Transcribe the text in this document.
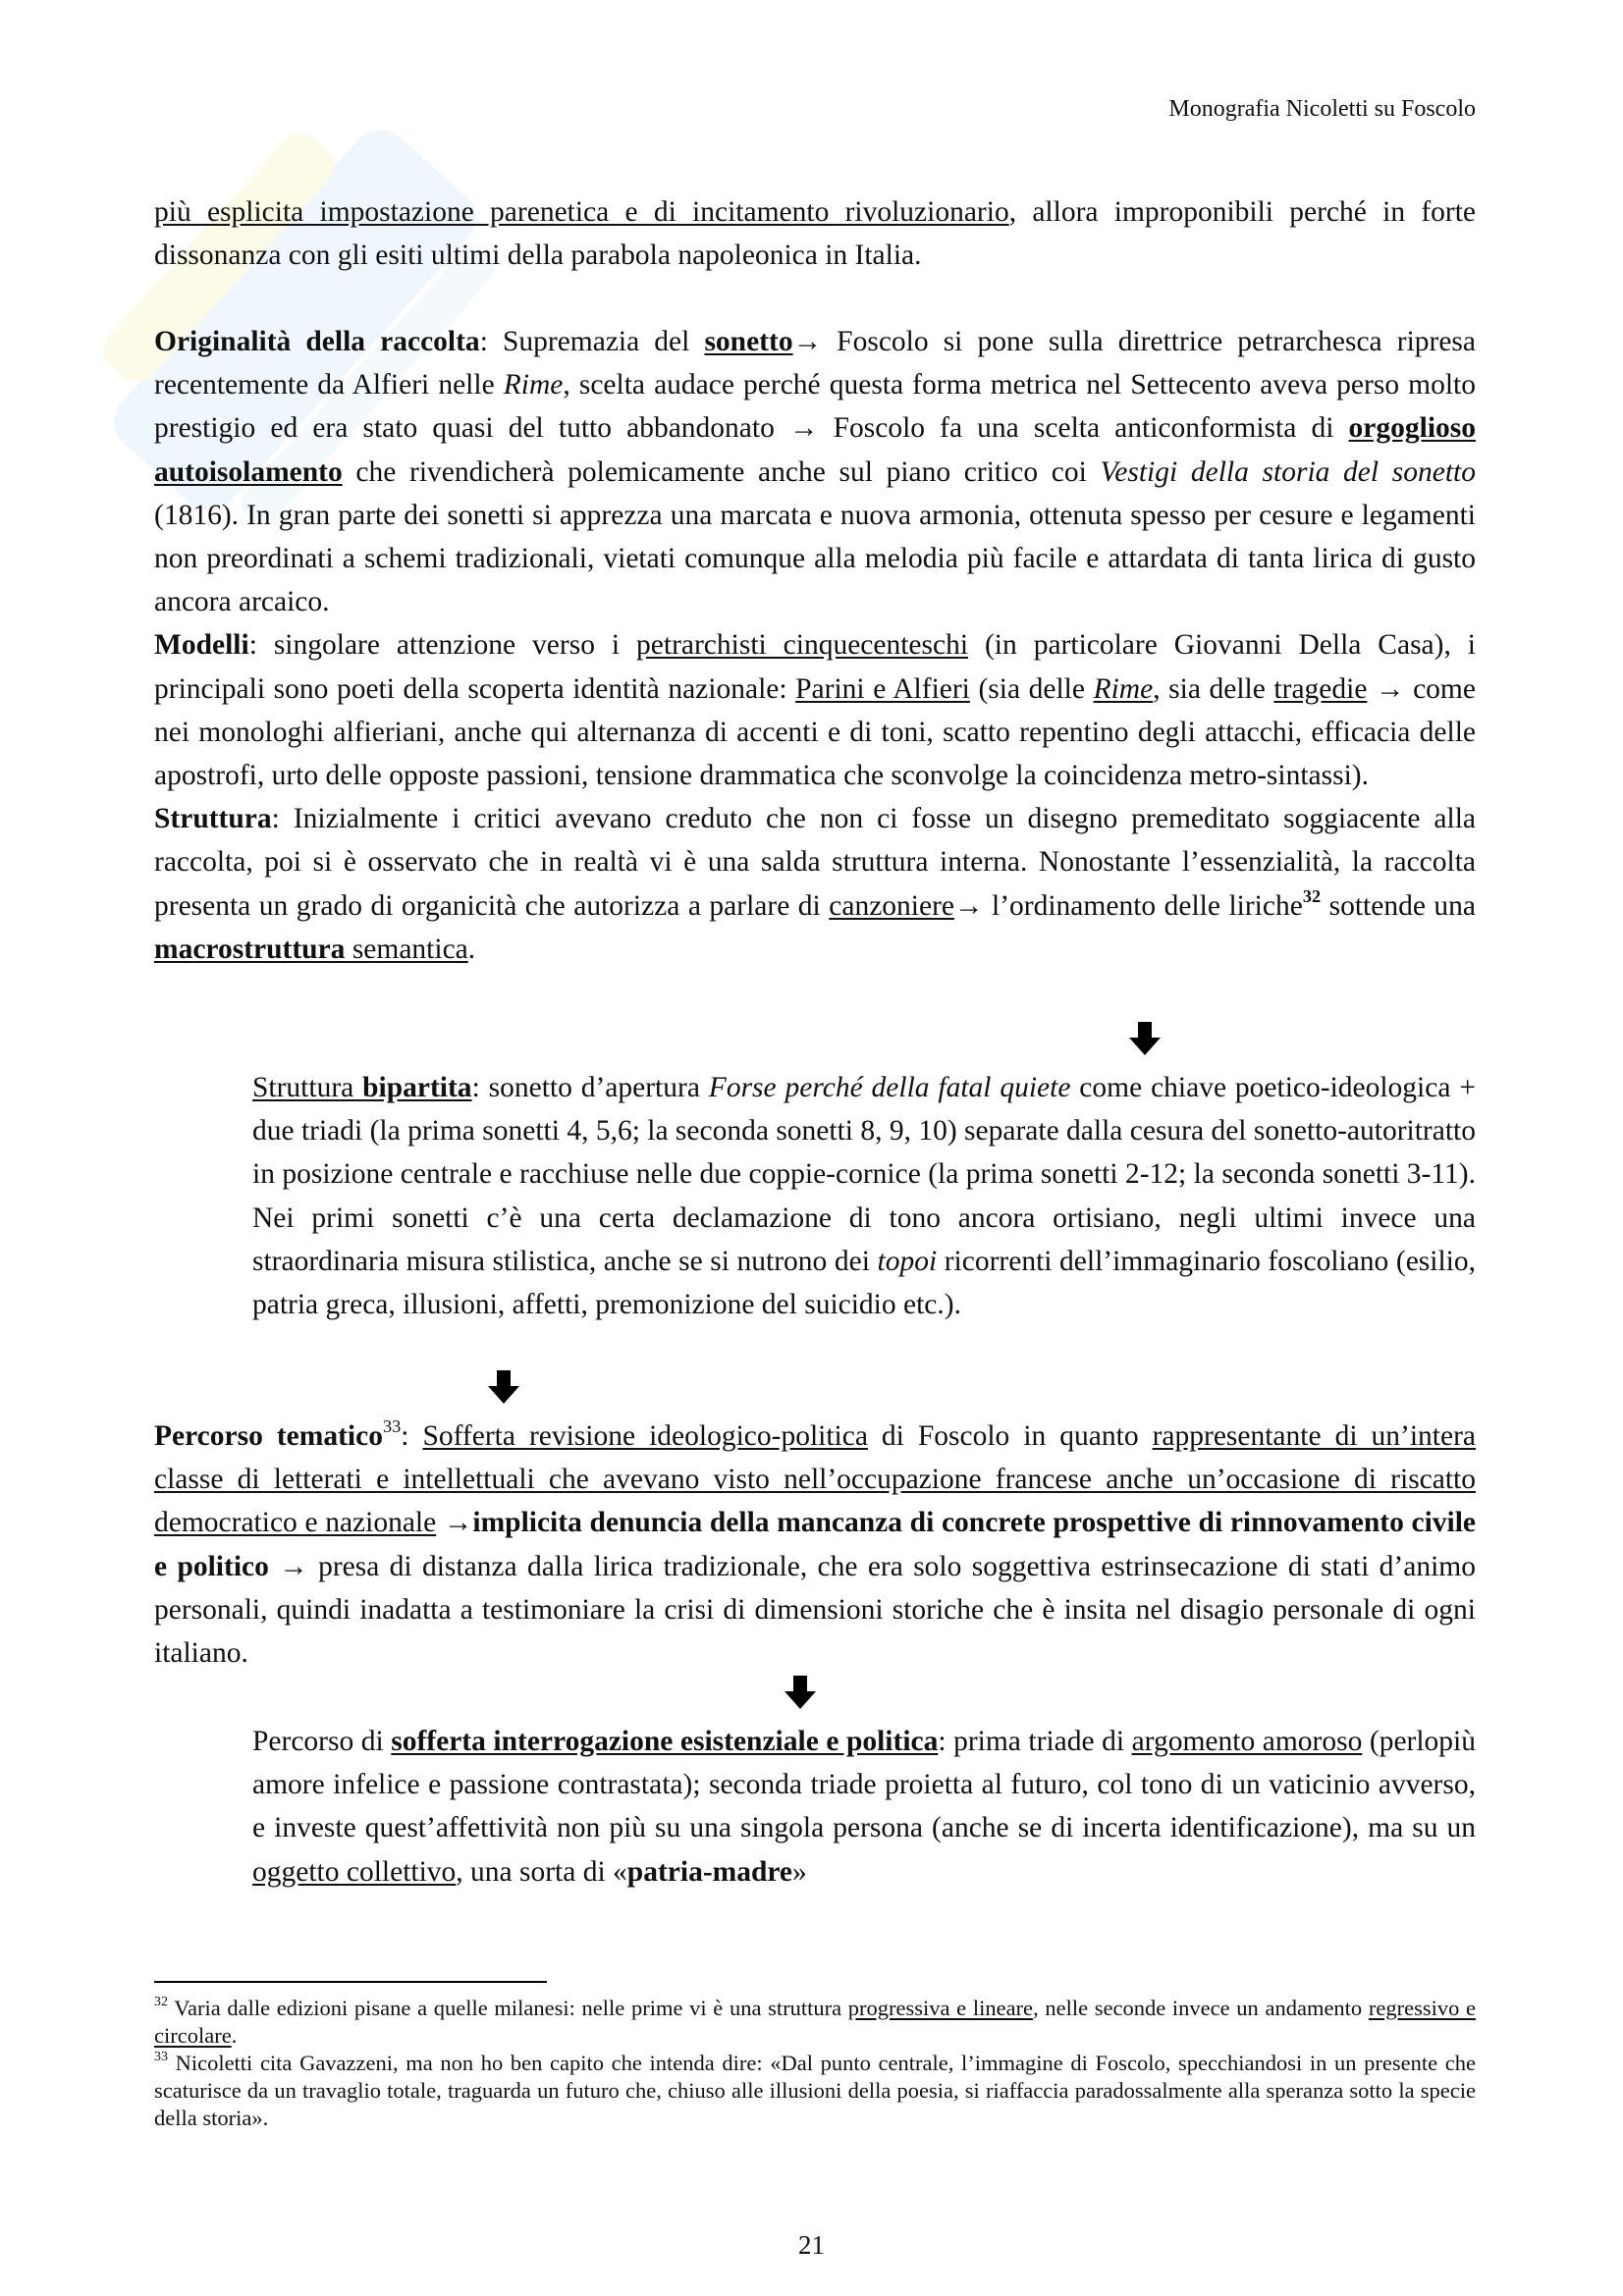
Monografia Nicoletti su Foscolo

più esplicita impostazione parenetica e di incitamento rivoluzionario, allora improponibili perché in forte dissonanza con gli esiti ultimi della parabola napoleonica in Italia.

Originalità della raccolta: Supremazia del sonetto→ Foscolo si pone sulla direttrice petrarchesca ripresa recentemente da Alfieri nelle Rime, scelta audace perché questa forma metrica nel Settecento aveva perso molto prestigio ed era stato quasi del tutto abbandonato → Foscolo fa una scelta anticonformista di orgoglioso autoisolamento che rivendicherà polemicamente anche sul piano critico coi Vestigi della storia del sonetto (1816). In gran parte dei sonetti si apprezza una marcata e nuova armonia, ottenuta spesso per cesure e legamenti non preordinati a schemi tradizionali, vietati comunque alla melodia più facile e attardata di tanta lirica di gusto ancora arcaico.

Modelli: singolare attenzione verso i petrarchisti cinquecenteschi (in particolare Giovanni Della Casa), i principali sono poeti della scoperta identità nazionale: Parini e Alfieri (sia delle Rime, sia delle tragedie → come nei monologhi alfieriani, anche qui alternanza di accenti e di toni, scatto repentino degli attacchi, efficacia delle apostrofi, urto delle opposte passioni, tensione drammatica che sconvolge la coincidenza metro-sintassi).

Struttura: Inizialmente i critici avevano creduto che non ci fosse un disegno premeditato soggiacente alla raccolta, poi si è osservato che in realtà vi è una salda struttura interna. Nonostante l’essenzialità, la raccolta presenta un grado di organicità che autorizza a parlare di canzoniere→ l’ordinamento delle liriche$^{32}$ sottende una macrostruttura semantica.

Struttura bipartita: sonetto d’apertura Forse perché della fatal quiete come chiave poetico-ideologica + due triadi (la prima sonetti 4, 5,6; la seconda sonetti 8, 9, 10) separate dalla cesura del sonetto-autoritratto in posizione centrale e racchiuse nelle due coppie-cornice (la prima sonetti 2-12; la seconda sonetti 3-11). Nei primi sonetti c’è una certa declamazione di tono ancora ortisiano, negli ultimi invece una straordinaria misura stilistica, anche se si nutrono dei topoi ricorrenti dell’immaginario foscoliano (esilio, patria greca, illusioni, affetti, premonizione del suicidio etc.).

Percorso tematico$^{33}$: Sofferta revisione ideologico-politica di Foscolo in quanto rappresentante di un’intera classe di letterati e intellettuali che avevano visto nell’occupazione francese anche un’occasione di riscatto democratico e nazionale →implicita denuncia della mancanza di concrete prospettive di rinnovamento civile e politico → presa di distanza dalla lirica tradizionale, che era solo soggettiva estrinsecazione di stati d’animo personali, quindi inadatta a testimoniare la crisi di dimensioni storiche che è insita nel disagio personale di ogni italiano.

Percorso di sofferta interrogazione esistenziale e politica: prima triade di argomento amoroso (perlopiù amore infelice e passione contrastata); seconda triade proietta al futuro, col tono di un vaticinio avverso, e investe quest’affettività non più su una singola persona (anche se di incerta identificazione), ma su un oggetto collettivo, una sorta di «patria-madre»

$^{32}$ Varia dalle edizioni pisane a quelle milanesi: nelle prime vi è una struttura progressiva e lineare, nelle seconde invece un andamento regressivo e circolare.

$^{33}$ Nicoletti cita Gavazzeni, ma non ho ben capito che intenda dire: «Dal punto centrale, l’immagine di Foscolo, specchiandosi in un presente che scaturisce da un travaglio totale, traguarda un futuro che, chiuso alle illusioni della poesia, si riaffaccia paradossalmente alla speranza sotto la specie della storia».

21
